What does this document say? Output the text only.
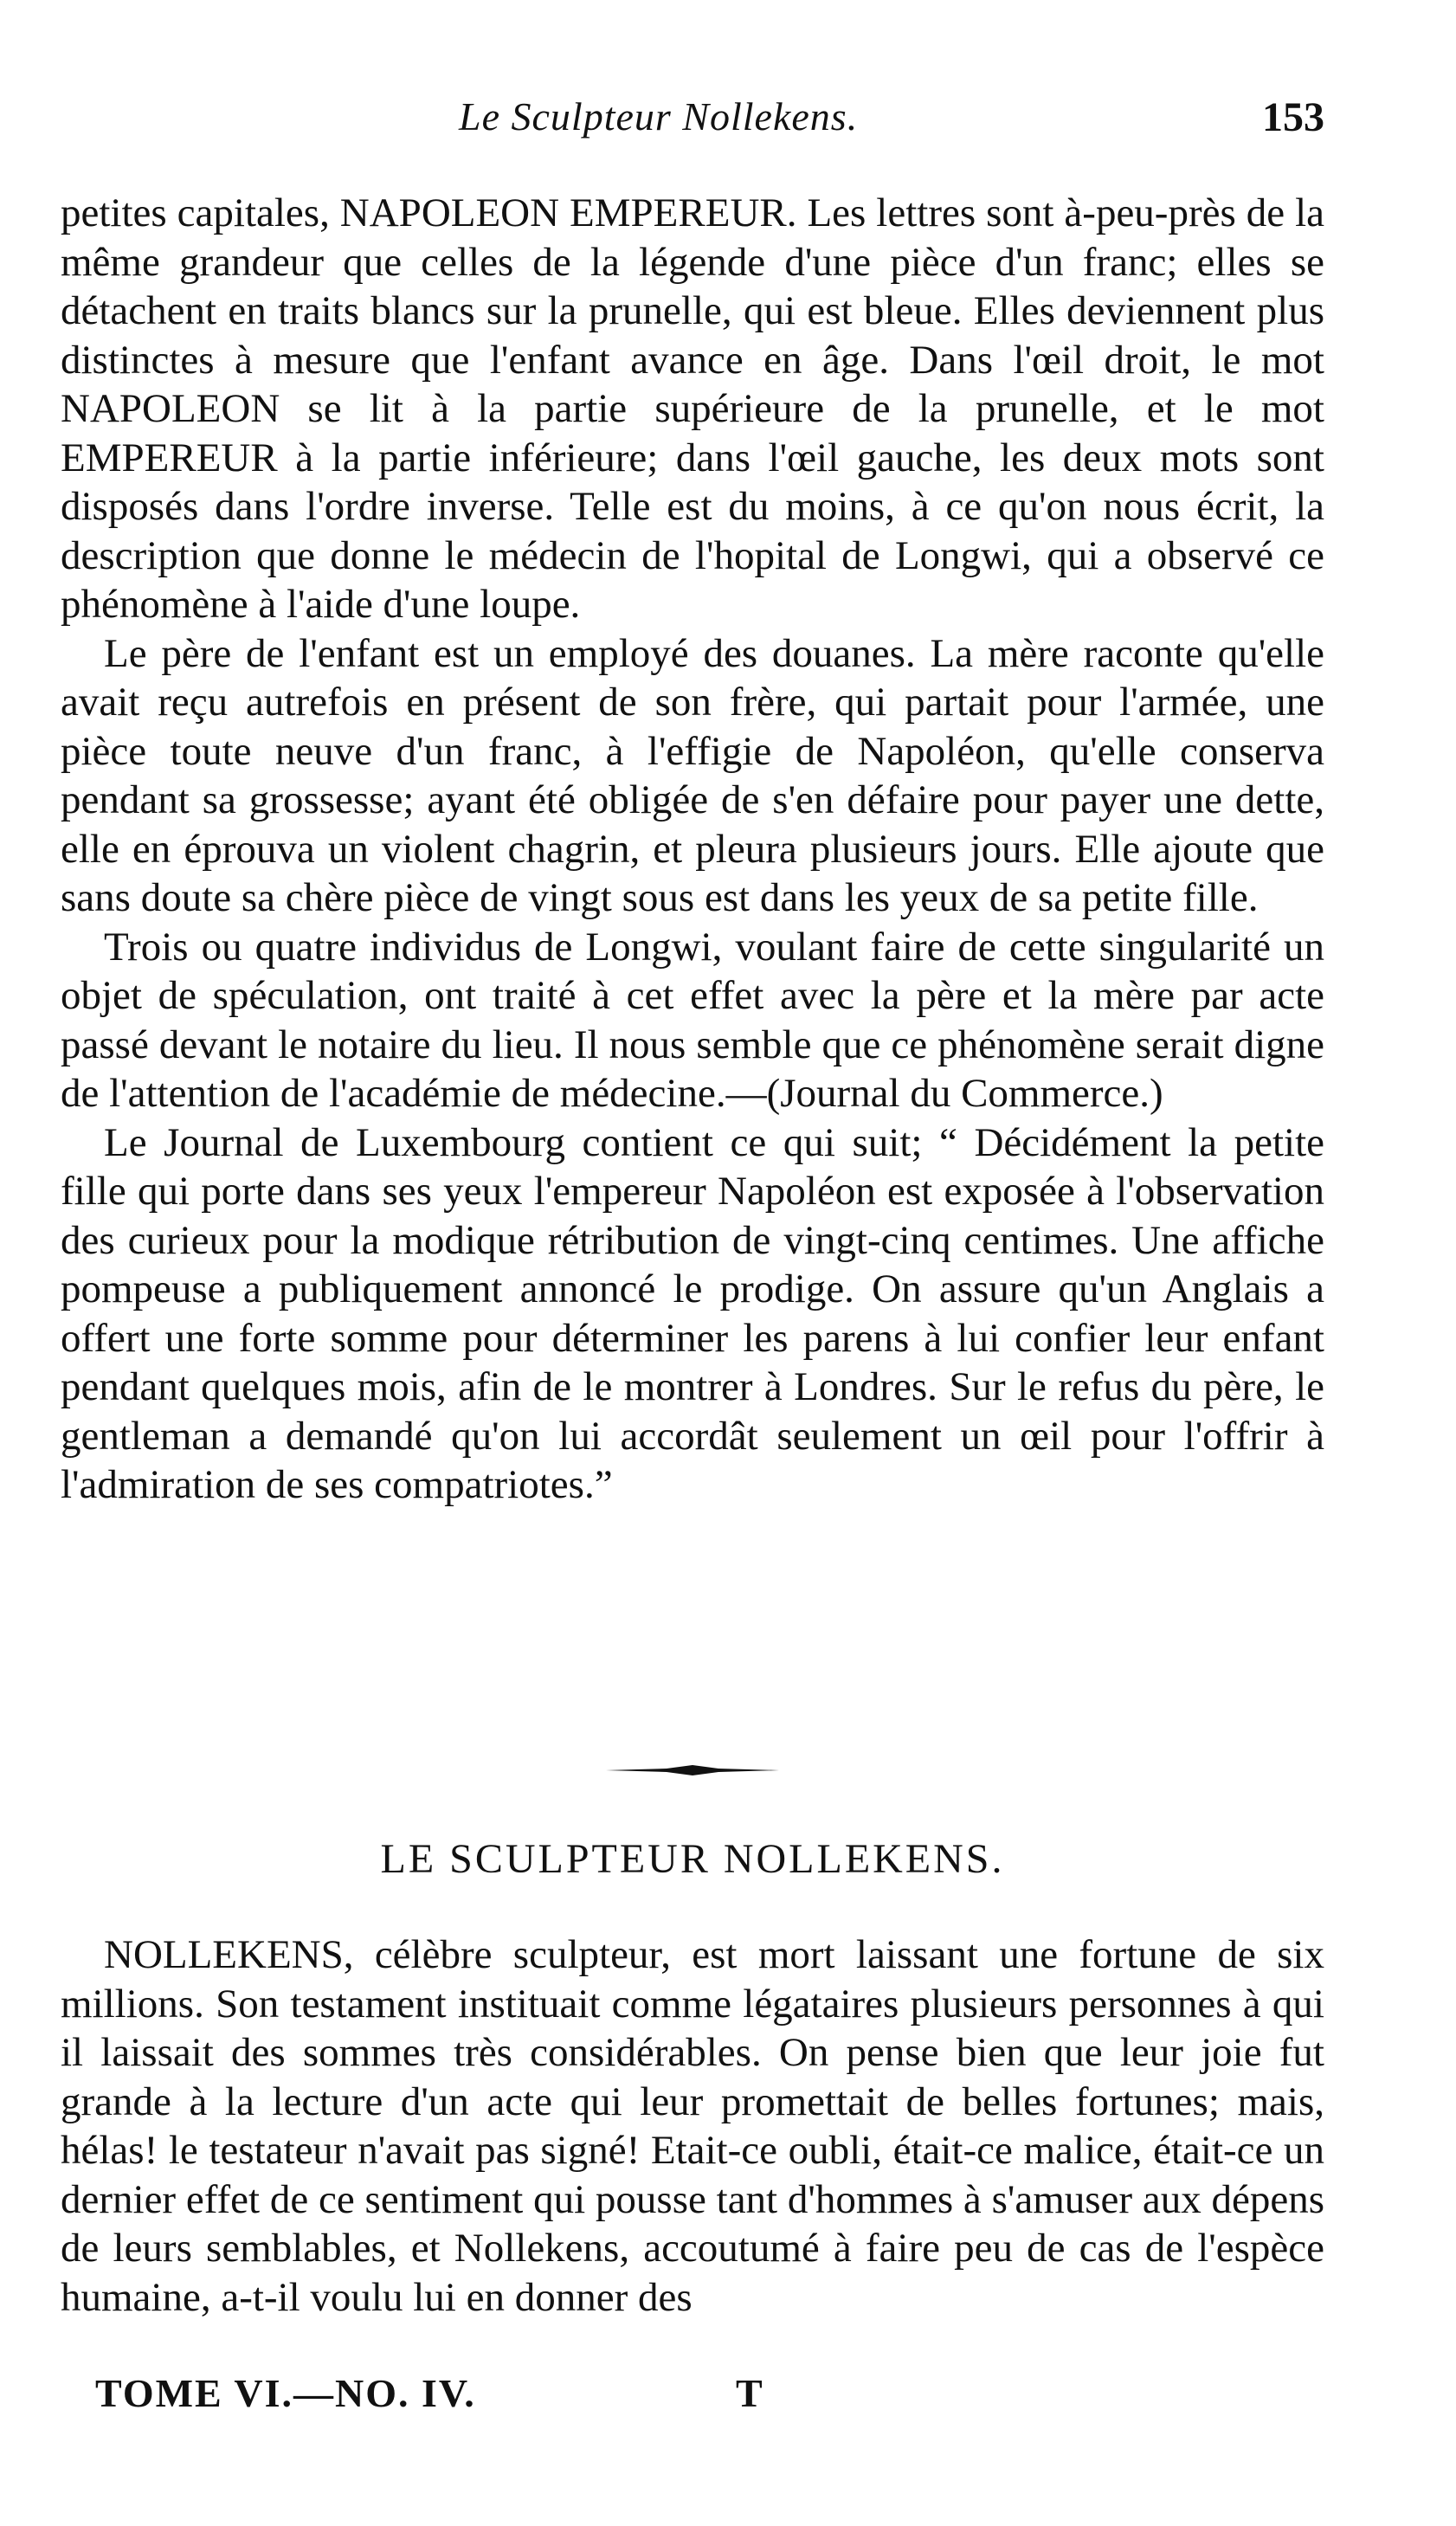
Le Sculpteur Nollekens.	153

petites capitales, NAPOLEON EMPEREUR. Les lettres sont à-peu-près de la même grandeur que celles de la légende d'une pièce d'un franc; elles se détachent en traits blancs sur la prunelle, qui est bleue. Elles deviennent plus distinctes à mesure que l'enfant avance en âge. Dans l'œil droit, le mot NAPOLEON se lit à la partie supérieure de la prunelle, et le mot EMPEREUR à la partie inférieure; dans l'œil gauche, les deux mots sont disposés dans l'ordre inverse. Telle est du moins, à ce qu'on nous écrit, la description que donne le médecin de l'hopital de Longwi, qui a observé ce phénomène à l'aide d'une loupe.

Le père de l'enfant est un employé des douanes. La mère raconte qu'elle avait reçu autrefois en présent de son frère, qui partait pour l'armée, une pièce toute neuve d'un franc, à l'effigie de Napoléon, qu'elle conserva pendant sa grossesse; ayant été obligée de s'en défaire pour payer une dette, elle en éprouva un violent chagrin, et pleura plusieurs jours. Elle ajoute que sans doute sa chère pièce de vingt sous est dans les yeux de sa petite fille.

Trois ou quatre individus de Longwi, voulant faire de cette singularité un objet de spéculation, ont traité à cet effet avec la père et la mère par acte passé devant le notaire du lieu. Il nous semble que ce phénomène serait digne de l'attention de l'académie de médecine.—(Journal du Commerce.)

Le Journal de Luxembourg contient ce qui suit; “ Décidément la petite fille qui porte dans ses yeux l'empereur Napoléon est exposée à l'observation des curieux pour la modique rétribution de vingt-cinq centimes. Une affiche pompeuse a publiquement annoncé le prodige. On assure qu'un Anglais a offert une forte somme pour déterminer les parens à lui confier leur enfant pendant quelques mois, afin de le montrer à Londres. Sur le refus du père, le gentleman a demandé qu'on lui accordât seulement un œil pour l'offrir à l'admiration de ses compatriotes.”

LE SCULPTEUR NOLLEKENS.

NOLLEKENS, célèbre sculpteur, est mort laissant une fortune de six millions. Son testament instituait comme légataires plusieurs personnes à qui il laissait des sommes très considérables. On pense bien que leur joie fut grande à la lecture d'un acte qui leur promettait de belles fortunes; mais, hélas! le testateur n'avait pas signé! Etait-ce oubli, était-ce malice, était-ce un dernier effet de ce sentiment qui pousse tant d'hommes à s'amuser aux dépens de leurs semblables, et Nollekens, accoutumé à faire peu de cas de l'espèce humaine, a-t-il voulu lui en donner des

TOME VI.—NO. IV.	T
